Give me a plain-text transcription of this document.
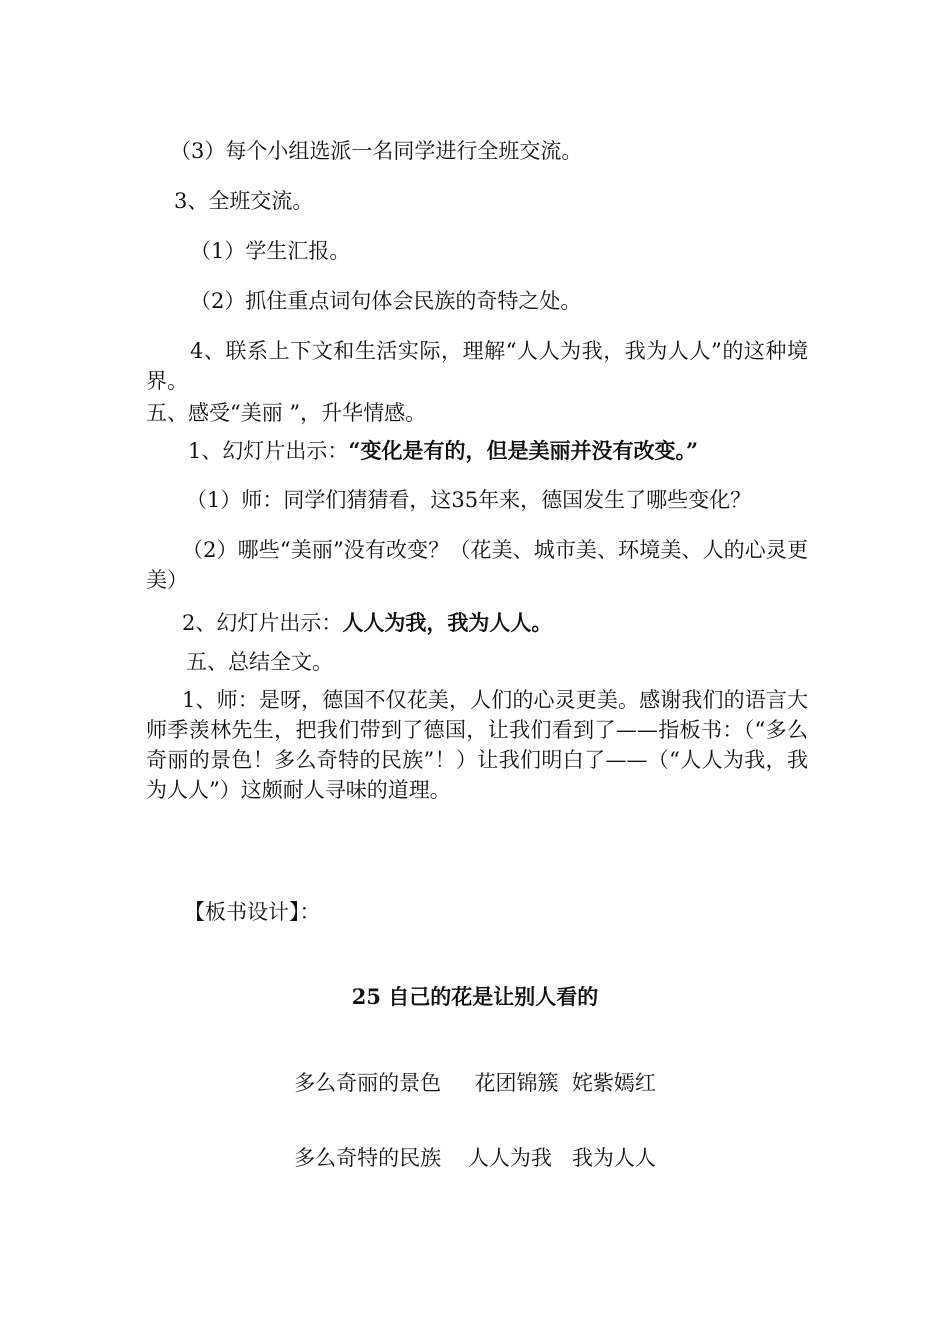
（3）每个小组选派一名同学进行全班交流。
3、全班交流。
（1）学生汇报。
（2）抓住重点词句体会民族的奇特之处。
4、联系上下文和生活实际，理解“人人为我，我为人人”的这种境界。
五、感受“美丽 ”，升华情感。
1、幻灯片出示：“变化是有的，但是美丽并没有改变。”
（1）师：同学们猜猜看，这35年来，德国发生了哪些变化？
（2）哪些“美丽”没有改变？（花美、城市美、环境美、人的心灵更美）
2、幻灯片出示：人人为我，我为人人。
五、总结全文。
1、师：是呀，德国不仅花美，人们的心灵更美。感谢我们的语言大师季羡林先生，把我们带到了德国，让我们看到了——指板书：（“多么奇丽的景色！多么奇特的民族”！）让我们明白了——（“人人为我，我为人人”）这颇耐人寻味的道理。
【板书设计】：
25 自己的花是让别人看的
多么奇丽的景色     花团锦簇  姹紫嫣红
多么奇特的民族    人人为我   我为人人
